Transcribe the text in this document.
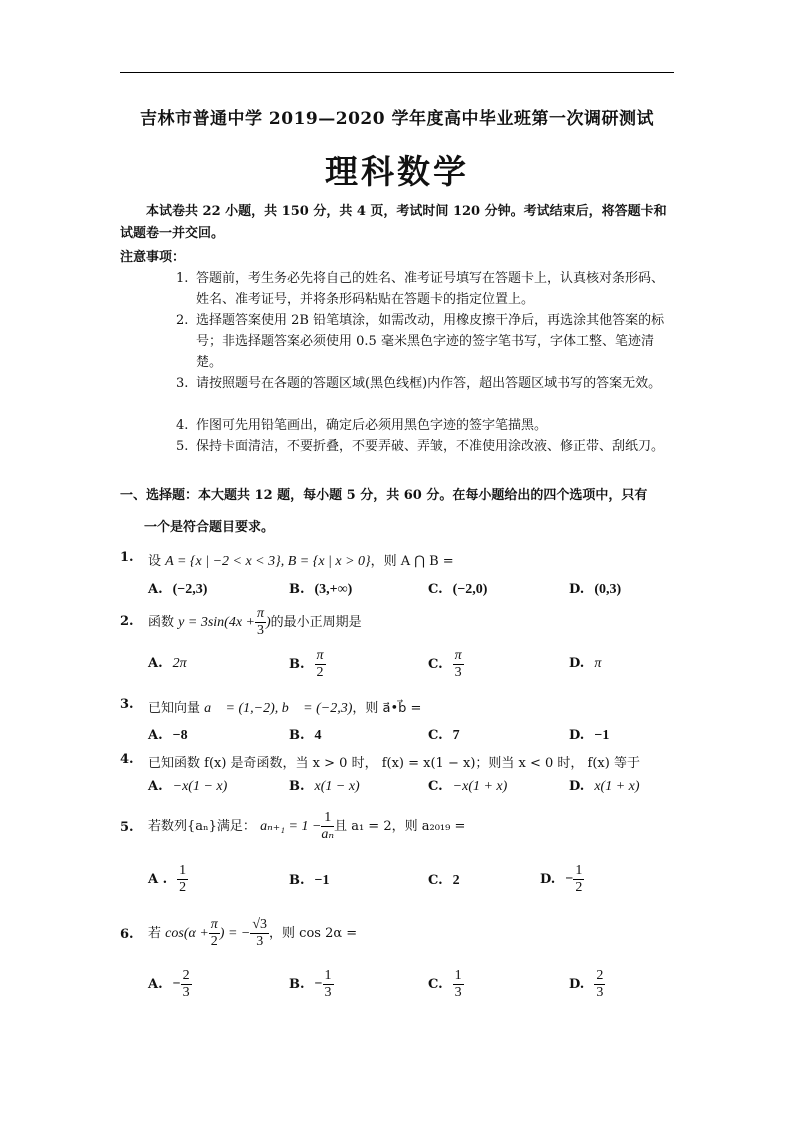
吉林市普通中学 2019—2020 学年度高中毕业班第一次调研测试
理科数学
本试卷共 22 小题，共 150 分，共 4 页，考试时间 120 分钟。考试结束后，将答题卡和试题卷一并交回。
注意事项：
1. 答题前，考生务必先将自己的姓名、准考证号填写在答题卡上，认真核对条形码、姓名、准考证号，并将条形码粘贴在答题卡的指定位置上。
2. 选择题答案使用 2B 铅笔填涂，如需改动，用橡皮擦干净后，再选涂其他答案的标号；非选择题答案必须使用 0.5 毫米黑色字迹的签字笔书写，字体工整、笔迹清楚。
3. 请按照题号在各题的答题区域(黑色线框)内作答，超出答题区域书写的答案无效。
4. 作图可先用铅笔画出，确定后必须用黑色字迹的签字笔描黑。
5. 保持卡面清洁，不要折叠，不要弄破、弄皱，不准使用涂改液、修正带、刮纸刀。
一、选择题：本大题共 12 题，每小题 5 分，共 60 分。在每小题给出的四个选项中，只有
一个是符合题目要求。
1. 设 A = {x | −2 < x < 3}, B = {x | x > 0}，则 A ⋂ B =
A. (−2,3)	B. (3,+∞)	C. (−2,0)	D. (0,3)
2. 函数 $y = 3\sin(4x + \frac{\pi}{3}$ )的最小正周期是
A. 2π	B. $\frac{\pi}{2}$	C. $\frac{\pi}{3}$	D. π
3. 已知向量 a⃗ = (1,−2), b⃗ = (−2,3)，则 a⃗•b⃗ =
A. −8	B. 4	C. 7	D. −1
4. 已知函数 f(x) 是奇函数，当 x > 0 时， f(x) = x(1 − x)；则当 x < 0 时， f(x) 等于
A. −x(1 − x)	B. x(1 − x)	C. −x(1 + x)	D. x(1 + x)
5. 若数列{aₙ}满足： $a_{n+1} = 1 - \frac{1}{\text{aₙ}}$ 且 a₁ = 2，则 a₂₀₁₉ =
A . $\frac{1}{2}$	B. −1	C. 2	D. − $\frac{1}{2}$
6. 若 $\cos(\alpha + \frac{\pi}{2}$ ) = − $\frac{√3}{3}$ ，则 cos 2α =
A. − $\frac{2}{3}$	B. − $\frac{1}{3}$	C. $\frac{1}{3}$	D. $\frac{2}{3}$
